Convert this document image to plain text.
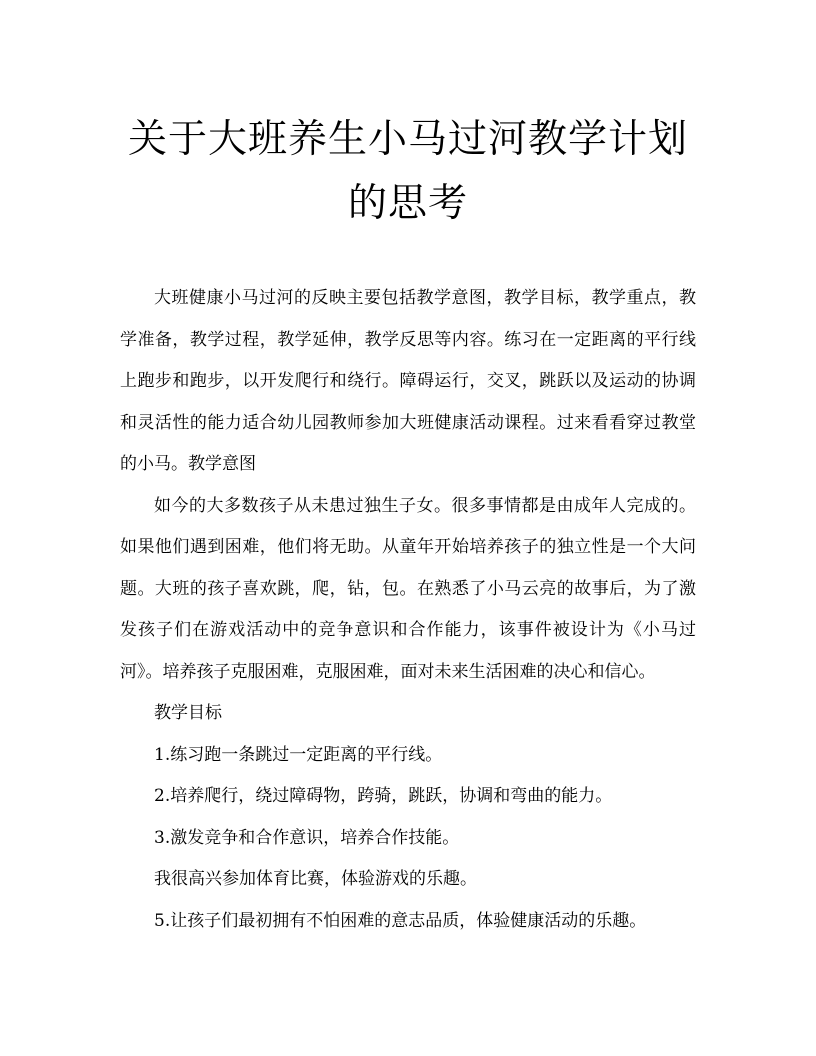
关于大班养生小马过河教学计划的思考

大班健康小马过河的反映主要包括教学意图，教学目标，教学重点，教学准备，教学过程，教学延伸，教学反思等内容。练习在一定距离的平行线上跑步和跑步，以开发爬行和绕行。障碍运行，交叉，跳跃以及运动的协调和灵活性的能力适合幼儿园教师参加大班健康活动课程。过来看看穿过教堂的小马。教学意图

如今的大多数孩子从未患过独生子女。很多事情都是由成年人完成的。如果他们遇到困难，他们将无助。从童年开始培养孩子的独立性是一个大问题。大班的孩子喜欢跳，爬，钻，包。在熟悉了小马云亮的故事后，为了激发孩子们在游戏活动中的竞争意识和合作能力，该事件被设计为《小马过河》。培养孩子克服困难，克服困难，面对未来生活困难的决心和信心。

教学目标

1.练习跑一条跳过一定距离的平行线。

2.培养爬行，绕过障碍物，跨骑，跳跃，协调和弯曲的能力。

3.激发竞争和合作意识，培养合作技能。

我很高兴参加体育比赛，体验游戏的乐趣。

5.让孩子们最初拥有不怕困难的意志品质，体验健康活动的乐趣。
